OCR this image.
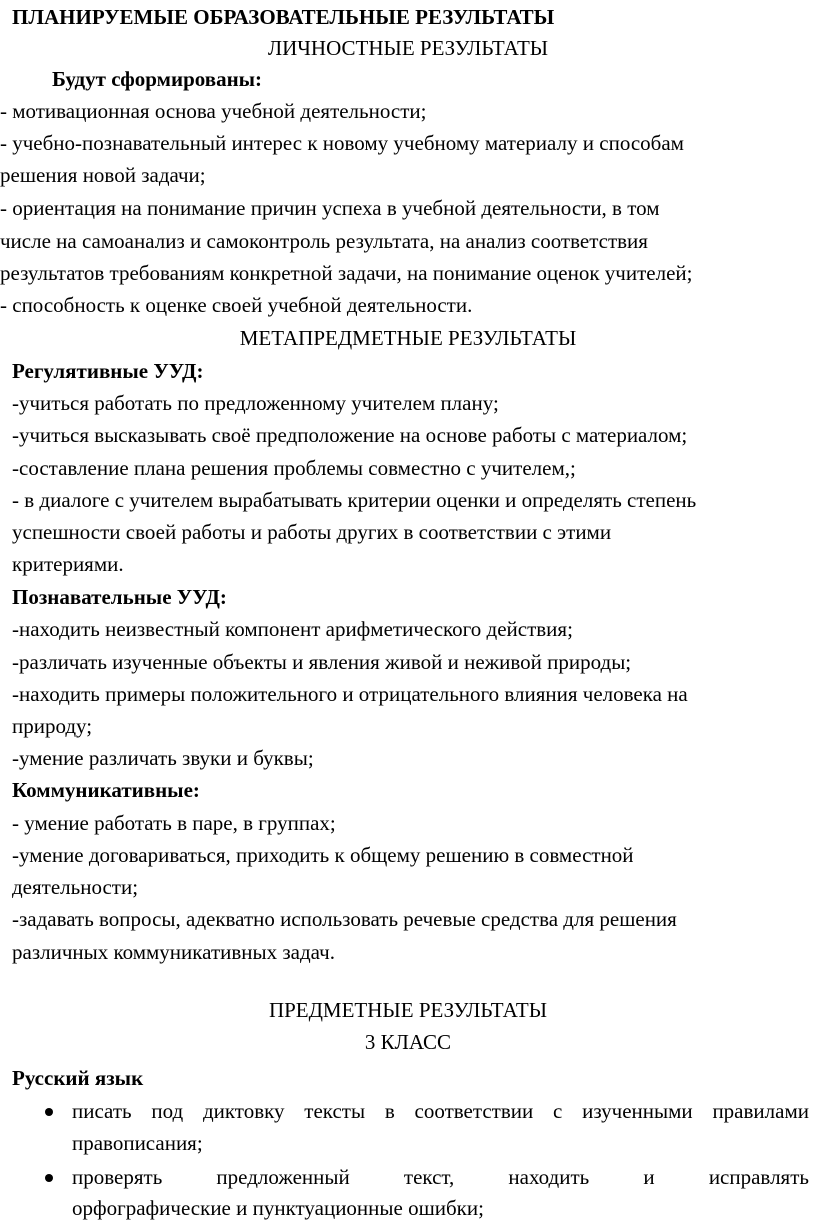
ПЛАНИРУЕМЫЕ ОБРАЗОВАТЕЛЬНЫЕ РЕЗУЛЬТАТЫ
ЛИЧНОСТНЫЕ РЕЗУЛЬТАТЫ
Будут сформированы:
- мотивационная основа учебной деятельности;
- учебно-познавательный интерес к новому учебному материалу и способам
решения новой задачи;
- ориентация на понимание причин успеха в учебной деятельности, в том
числе на самоанализ и самоконтроль результата, на анализ соответствия
результатов требованиям конкретной задачи, на понимание оценок учителей;
- способность к оценке своей учебной деятельности.
МЕТАПРЕДМЕТНЫЕ РЕЗУЛЬТАТЫ
Регулятивные УУД:
-учиться работать по предложенному учителем плану;
-учиться высказывать своё предположение на основе работы с материалом;
-составление плана решения проблемы совместно с учителем,;
- в диалоге с учителем вырабатывать критерии оценки и определять степень
успешности своей работы и работы других в соответствии с этими
критериями.
Познавательные УУД:
-находить неизвестный компонент арифметического действия;
-различать изученные объекты и явления живой и неживой природы;
-находить примеры положительного и отрицательного влияния человека на
природу;
-умение различать звуки и буквы;
Коммуникативные:
- умение работать в паре, в группах;
-умение договариваться, приходить к общему решению в совместной
деятельности;
-задавать вопросы, адекватно использовать речевые средства для решения
различных коммуникативных задач.
ПРЕДМЕТНЫЕ РЕЗУЛЬТАТЫ
3 КЛАСС
Русский язык
писать под диктовку тексты в соответствии с изученными правилами
правописания;
проверять	предложенный	текст,	находить	и	исправлять
орфографические и пунктуационные ошибки;
